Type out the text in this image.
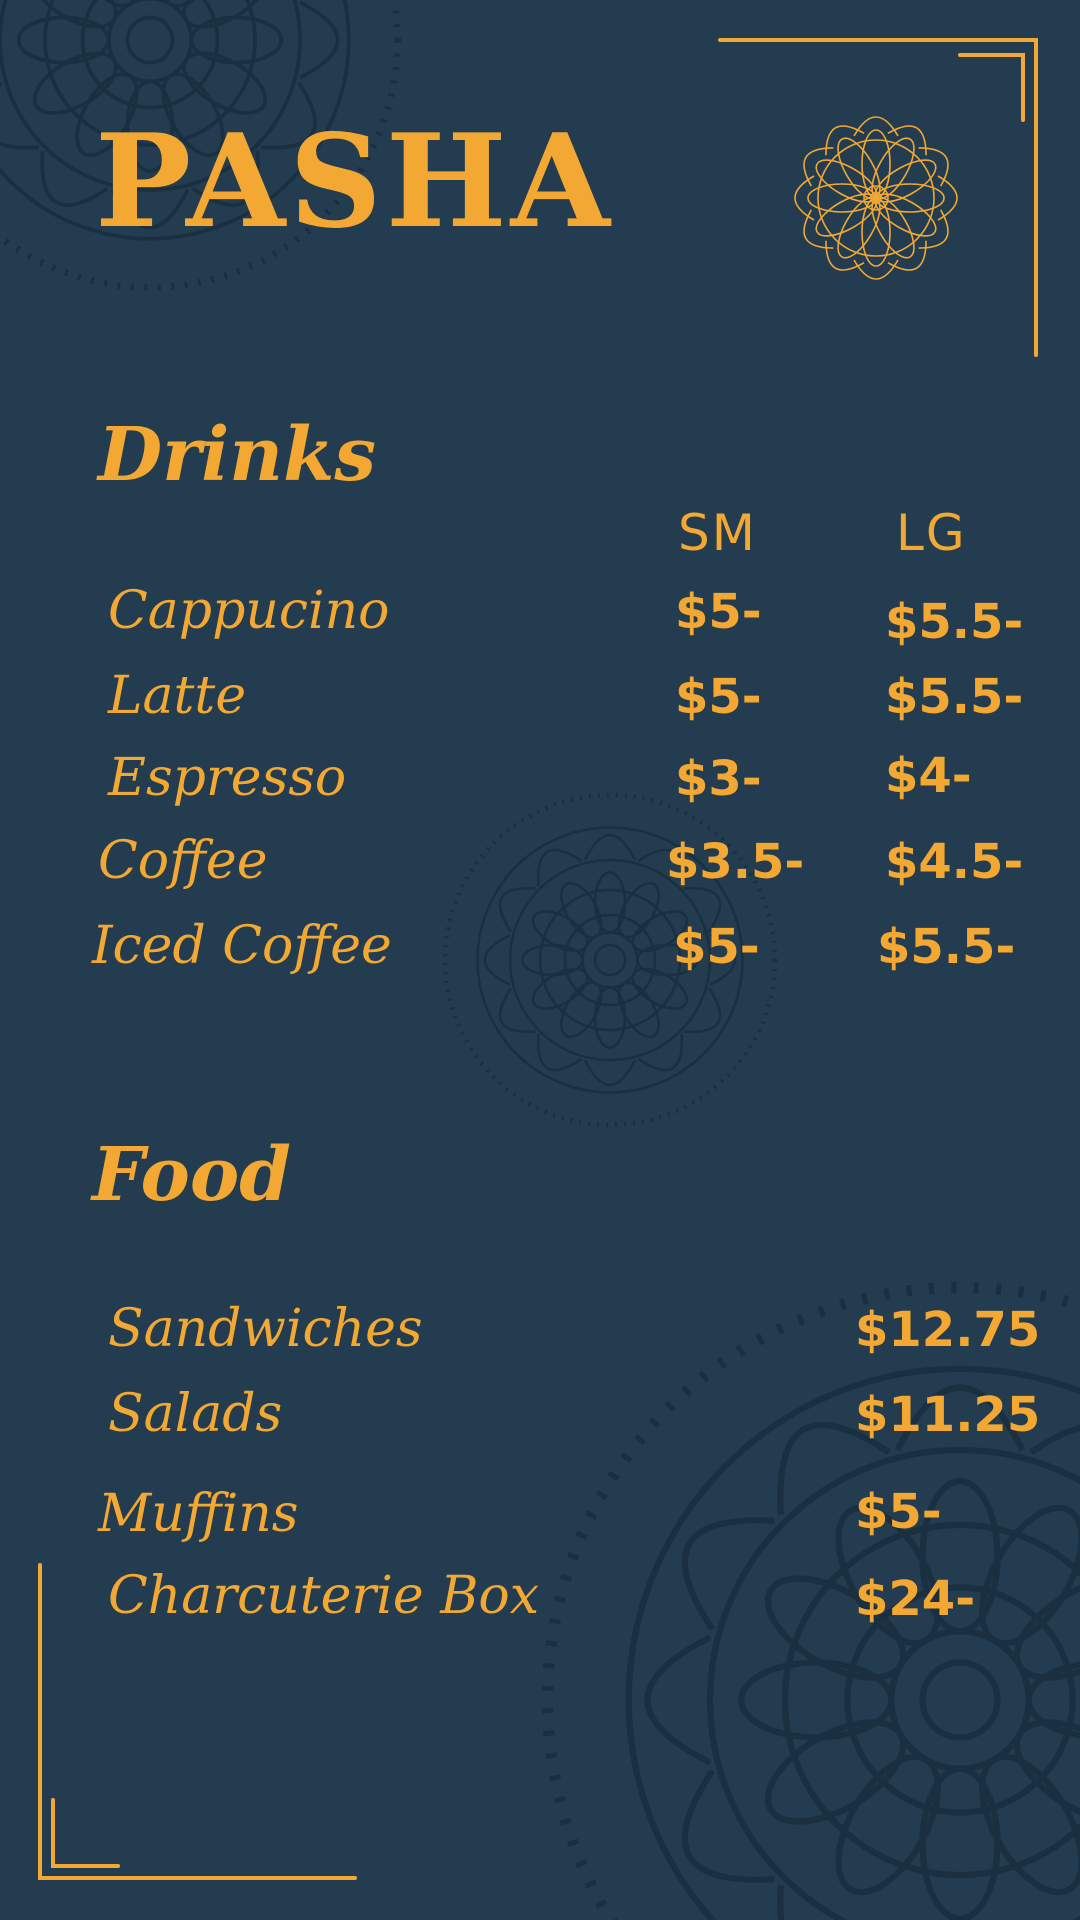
PASHA
Drinks
SM	LG
Cappucino	$5-	$5.5-
Latte	$5-	$5.5-
Espresso	$3-	$4-
Coffee	$3.5- $4.5-
Iced Coffee	$5- $5.5-
Food
Sandwiches	$12.75
Salads	$11.25
Muffins	$5-
Charcuterie Box	$24-
